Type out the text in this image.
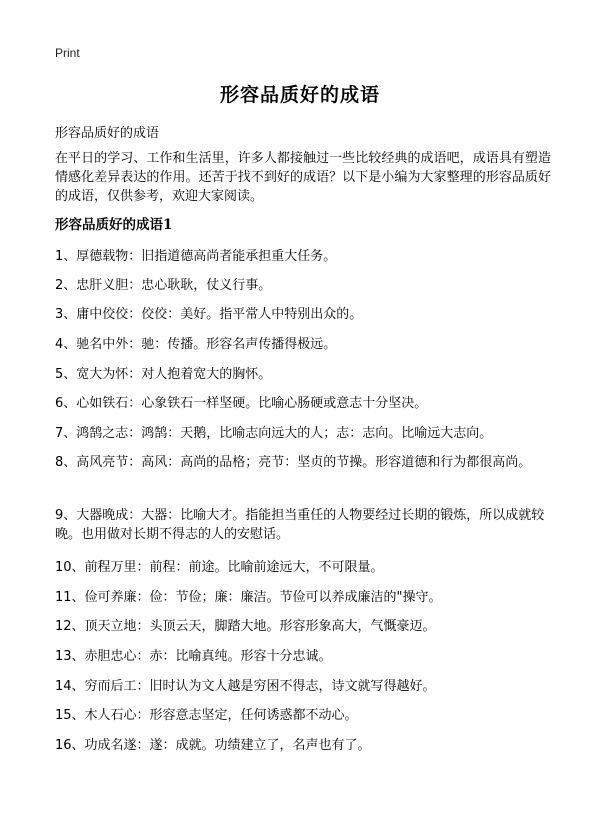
Print
形容品质好的成语
形容品质好的成语
在平日的学习、工作和生活里，许多人都接触过一些比较经典的成语吧，成语具有塑造情感化差异表达的作用。还苦于找不到好的成语？以下是小编为大家整理的形容品质好的成语，仅供参考，欢迎大家阅读。
形容品质好的成语1
1、厚德载物：旧指道德高尚者能承担重大任务。
2、忠肝义胆：忠心耿耿，仗义行事。
3、庸中佼佼：佼佼：美好。指平常人中特别出众的。
4、驰名中外：驰：传播。形容名声传播得极远。
5、宽大为怀：对人抱着宽大的胸怀。
6、心如铁石：心象铁石一样坚硬。比喻心肠硬或意志十分坚决。
7、鸿鹄之志：鸿鹄：天鹅，比喻志向远大的人；志：志向。比喻远大志向。
8、高风亮节：高风：高尚的品格；亮节：坚贞的节操。形容道德和行为都很高尚。
9、大器晚成：大器：比喻大才。指能担当重任的人物要经过长期的锻炼，所以成就较晚。也用做对长期不得志的人的安慰话。
10、前程万里：前程：前途。比喻前途远大，不可限量。
11、俭可养廉：俭：节俭；廉：廉洁。节俭可以养成廉洁的"操守。
12、顶天立地：头顶云天，脚踏大地。形容形象高大，气慨豪迈。
13、赤胆忠心：赤：比喻真纯。形容十分忠诚。
14、穷而后工：旧时认为文人越是穷困不得志，诗文就写得越好。
15、木人石心：形容意志坚定，任何诱惑都不动心。
16、功成名遂：遂：成就。功绩建立了，名声也有了。
